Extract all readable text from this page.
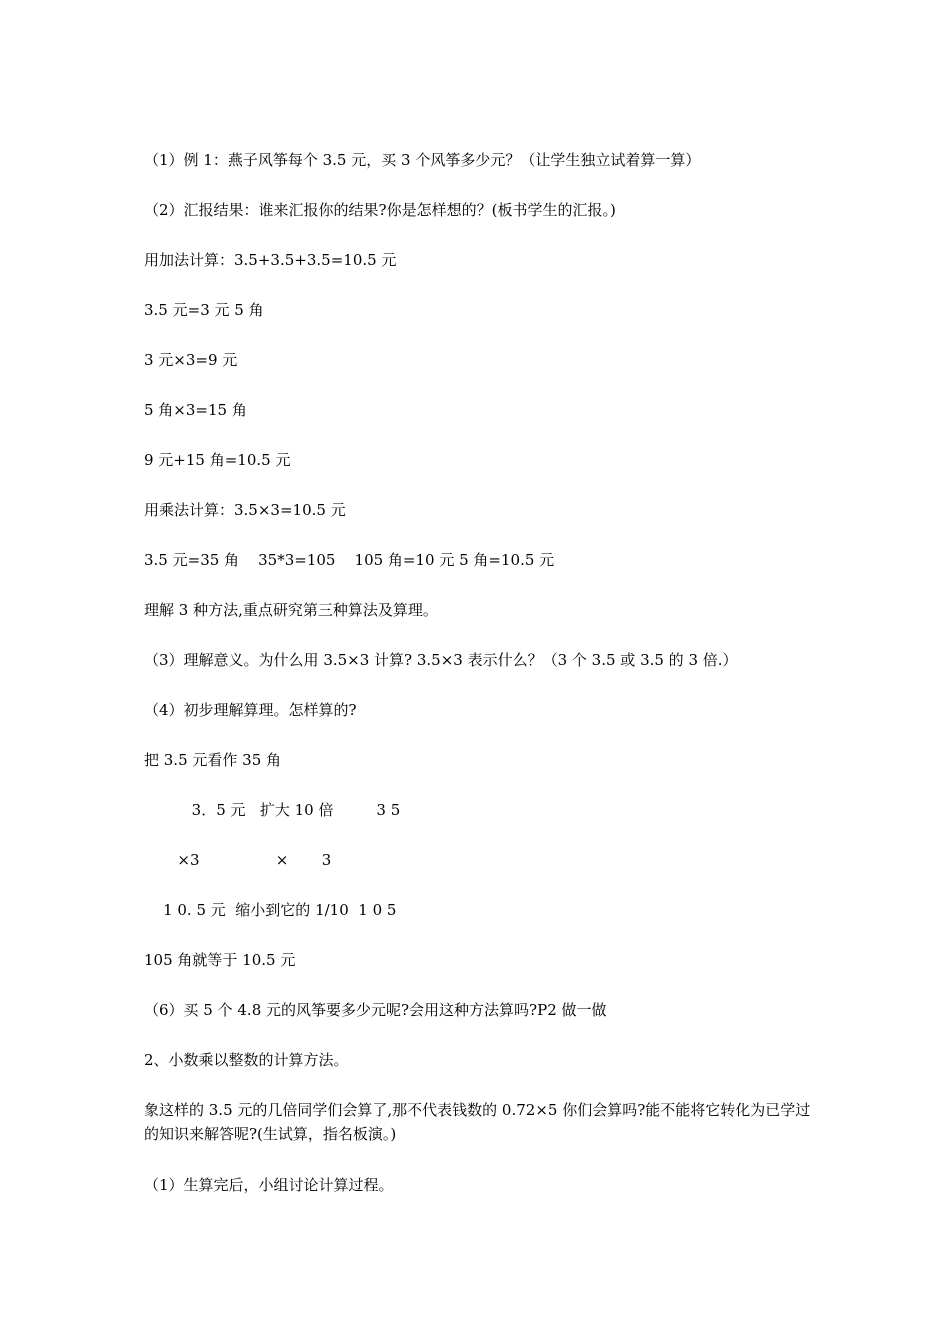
（1）例 1：燕子风筝每个 3.5 元，买 3 个风筝多少元？（让学生独立试着算一算）
（2）汇报结果：谁来汇报你的结果?你是怎样想的？(板书学生的汇报。)
用加法计算：3.5+3.5+3.5=10.5 元
3.5 元=3 元 5 角
3 元×3=9 元
5 角×3=15 角
9 元+15 角=10.5 元
用乘法计算：3.5×3=10.5 元
3.5 元=35 角    35*3=105    105 角=10 元 5 角=10.5 元
理解 3 种方法,重点研究第三种算法及算理。
（3）理解意义。为什么用 3.5×3 计算? 3.5×3 表示什么？（3 个 3.5 或 3.5 的 3 倍.）
（4）初步理解算理。怎样算的?
把 3.5 元看作 35 角
3．5 元   扩大 10 倍         3 5
×3                ×       3
1 0. 5 元  缩小到它的 1/10  1 0 5
105 角就等于 10.5 元
（6）买 5 个 4.8 元的风筝要多少元呢?会用这种方法算吗?P2 做一做
2、小数乘以整数的计算方法。
象这样的 3.5 元的几倍同学们会算了,那不代表钱数的 0.72×5 你们会算吗?能不能将它转化为已学过的知识来解答呢?(生试算，指名板演。)
（1）生算完后，小组讨论计算过程。
